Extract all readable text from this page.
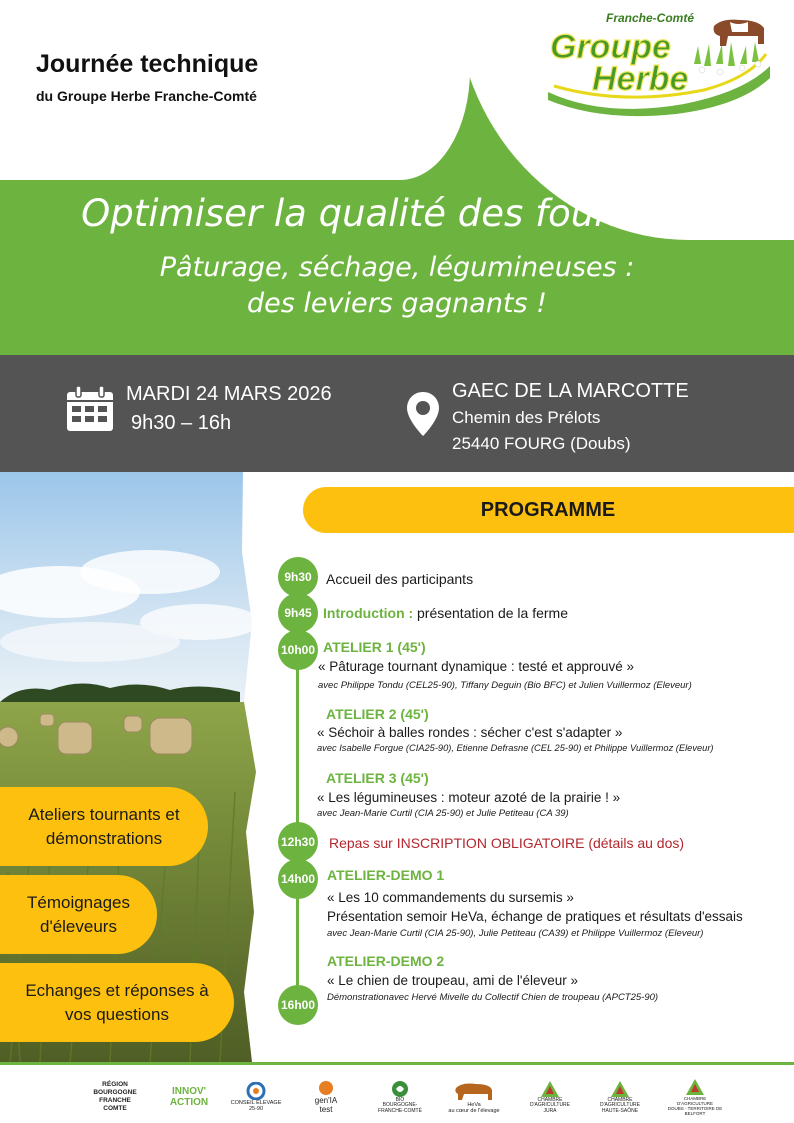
Journée technique
du Groupe Herbe Franche-Comté
Franche-Comté
Groupe
Herbe
Optimiser la qualité des fourrages
Pâturage, séchage, légumineuses :
des leviers gagnants !
MARDI 24 MARS 2026
9h30 – 16h
GAEC DE LA MARCOTTE
Chemin des Prélots
25440 FOURG (Doubs)
Ateliers tournants et
démonstrations
Témoignages
d'éleveurs
Echanges et réponses à
vos questions
PROGRAMME
9h30
9h45
10h00
12h30
14h00
16h00
Accueil des participants
Introduction : présentation de la ferme
ATELIER 1 (45')
« Pâturage tournant dynamique : testé et approuvé »
avec Philippe Tondu (CEL25-90), Tiffany Deguin (Bio BFC) et Julien Vuillermoz (Eleveur)
ATELIER 2 (45')
« Séchoir à balles rondes : sécher c'est s'adapter »
avec Isabelle Forgue (CIA25-90), Etienne Defrasne (CEL 25-90) et Philippe Vuillermoz (Eleveur)
ATELIER 3 (45')
« Les légumineuses : moteur azoté de la prairie ! »
avec Jean-Marie Curtil (CIA 25-90) et Julie Petiteau (CA 39)
Repas sur INSCRIPTION OBLIGATOIRE (détails au dos)
ATELIER-DEMO 1
« Les 10 commandements du sursemis »
Présentation semoir HeVa, échange de pratiques et résultats d'essais
avec Jean-Marie Curtil (CIA 25-90), Julie Petiteau (CA39) et Philippe Vuillermoz (Eleveur)
ATELIER-DEMO 2
« Le chien de troupeau, ami de l'éleveur »
Démonstrationavec Hervé Mivelle du Collectif Chien de troupeau (APCT25-90)
RÉGION
BOURGOGNE
FRANCHE
COMTE
INNOV'
ACTION	CONSEIL ÉLEVAGE
25-90
gen'IA
test
BIO
BOURGOGNE-
FRANCHE-COMTÉ
HeVa
au cœur de l'élevage
CHAMBRE
D'AGRICULTURE
JURA
CHAMBRE
D'AGRICULTURE
HAUTE-SAÔNE
CHAMBRE
D'AGRICULTURE
DOUBS - TERRITOIRE DE BELFORT
